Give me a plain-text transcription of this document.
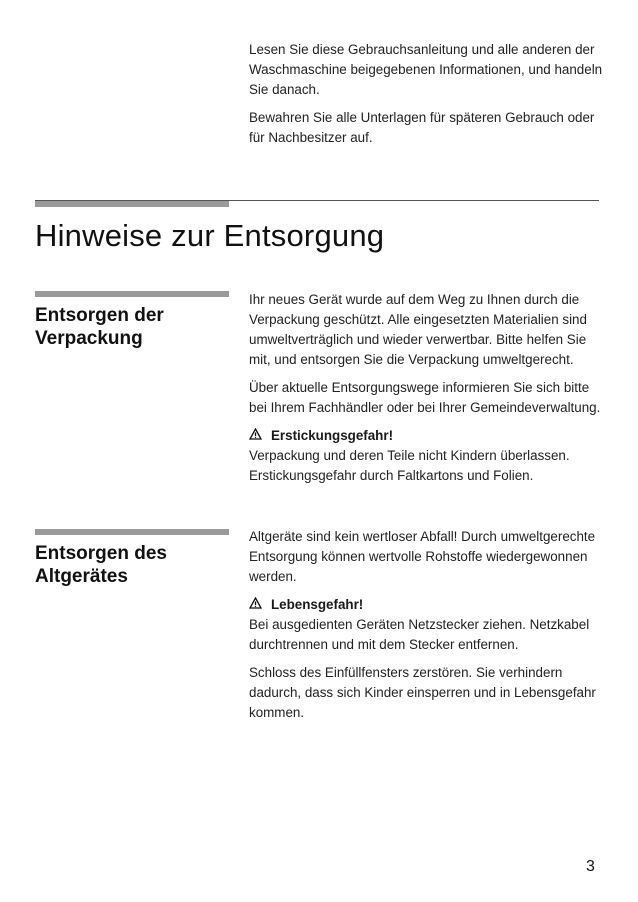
Lesen Sie diese Gebrauchsanleitung und alle anderen der Waschmaschine beigegebenen Informationen, und handeln Sie danach.

Bewahren Sie alle Unterlagen für späteren Gebrauch oder für Nachbesitzer auf.

Hinweise zur Entsorgung
Entsorgen der
Verpackung

Ihr neues Gerät wurde auf dem Weg zu Ihnen durch die Verpackung geschützt. Alle eingesetzten Materialien sind umweltverträglich und wieder verwertbar. Bitte helfen Sie mit, und entsorgen Sie die Verpackung umweltgerecht.

Über aktuelle Entsorgungswege informieren Sie sich bitte bei Ihrem Fachhändler oder bei Ihrer Gemeindeverwaltung.

Erstickungsgefahr!

Verpackung und deren Teile nicht Kindern überlassen. Erstickungsgefahr durch Faltkartons und Folien.

Entsorgen des
Altgerätes

Altgeräte sind kein wertloser Abfall! Durch umweltgerechte Entsorgung können wertvolle Rohstoffe wiedergewonnen werden.

Lebensgefahr!

Bei ausgedienten Geräten Netzstecker ziehen. Netzkabel durchtrennen und mit dem Stecker entfernen.

Schloss des Einfüllfensters zerstören. Sie verhindern dadurch, dass sich Kinder einsperren und in Lebensgefahr kommen.

3
